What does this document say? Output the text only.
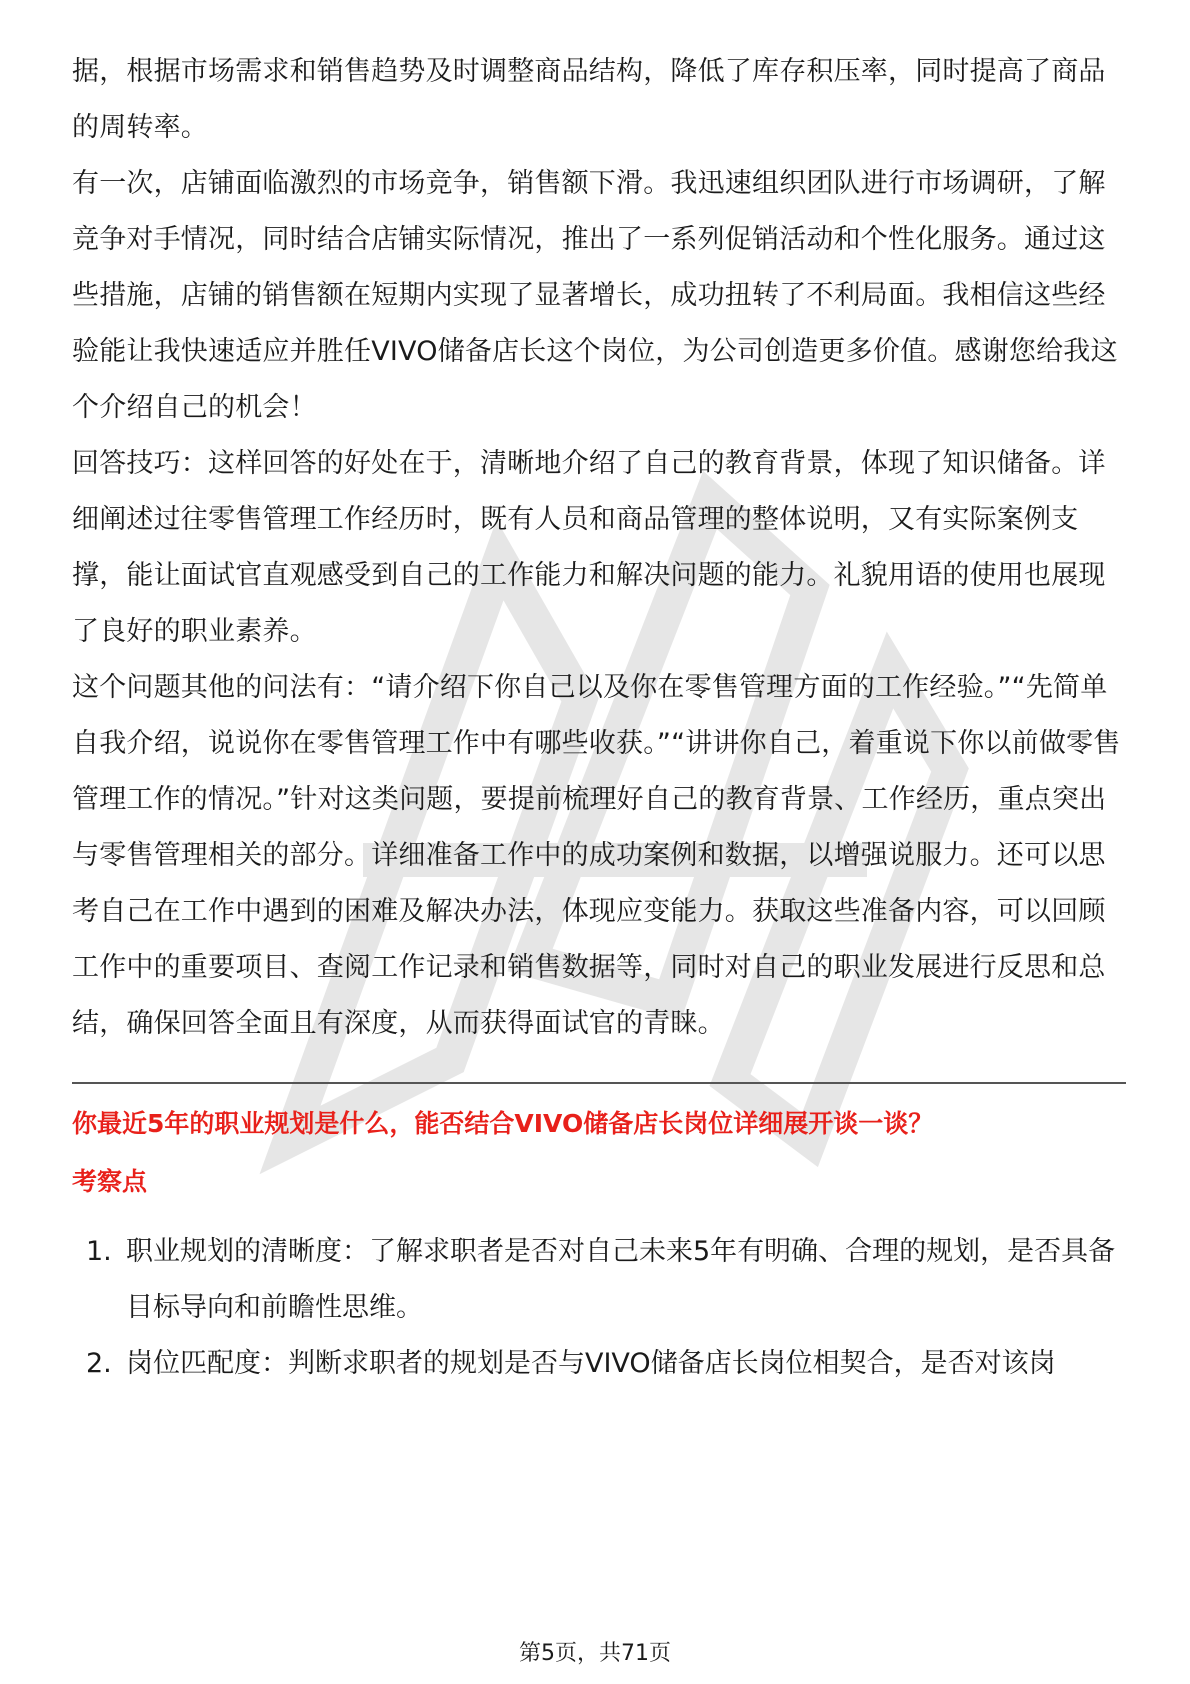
据，根据市场需求和销售趋势及时调整商品结构，降低了库存积压率，同时提高了商品的周转率。

有一次，店铺面临激烈的市场竞争，销售额下滑。我迅速组织团队进行市场调研，了解竞争对手情况，同时结合店铺实际情况，推出了一系列促销活动和个性化服务。通过这些措施，店铺的销售额在短期内实现了显著增长，成功扭转了不利局面。我相信这些经验能让我快速适应并胜任VIVO储备店长这个岗位，为公司创造更多价值。感谢您给我这个介绍自己的机会！

回答技巧：这样回答的好处在于，清晰地介绍了自己的教育背景，体现了知识储备。详细阐述过往零售管理工作经历时，既有人员和商品管理的整体说明，又有实际案例支撑，能让面试官直观感受到自己的工作能力和解决问题的能力。礼貌用语的使用也展现了良好的职业素养。

这个问题其他的问法有：“请介绍下你自己以及你在零售管理方面的工作经验。”“先简单自我介绍，说说你在零售管理工作中有哪些收获。”“讲讲你自己，着重说下你以前做零售管理工作的情况。”针对这类问题，要提前梳理好自己的教育背景、工作经历，重点突出与零售管理相关的部分。详细准备工作中的成功案例和数据，以增强说服力。还可以思考自己在工作中遇到的困难及解决办法，体现应变能力。获取这些准备内容，可以回顾工作中的重要项目、查阅工作记录和销售数据等，同时对自己的职业发展进行反思和总结，确保回答全面且有深度，从而获得面试官的青睐。

你最近5年的职业规划是什么，能否结合VIVO储备店长岗位详细展开谈一谈？
考察点
1. 职业规划的清晰度：了解求职者是否对自己未来5年有明确、合理的规划，是否具备目标导向和前瞻性思维。
2. 岗位匹配度：判断求职者的规划是否与VIVO储备店长岗位相契合，是否对该岗
第5页，共71页
